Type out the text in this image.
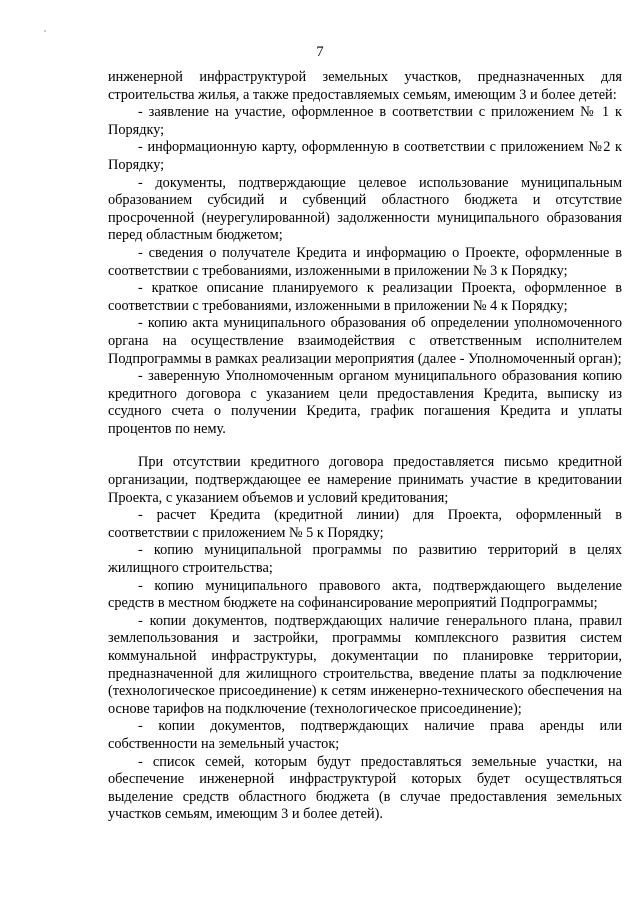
7

инженерной инфраструктурой земельных участков, предназначенных для строительства жилья, а также предоставляемых семьям, имеющим 3 и более детей:

- заявление на участие, оформленное в соответствии с приложением № 1 к Порядку;

- информационную карту, оформленную в соответствии с приложением №2 к Порядку;

- документы, подтверждающие целевое использование муниципальным образованием субсидий и субвенций областного бюджета и отсутствие просроченной (неурегулированной) задолженности муниципального образования перед областным бюджетом;

- сведения о получателе Кредита и информацию о Проекте, оформленные в соответствии с требованиями, изложенными в приложении № 3 к Порядку;

- краткое описание планируемого к реализации Проекта, оформленное в соответствии с требованиями, изложенными в приложении № 4 к Порядку;

- копию акта муниципального образования об определении уполномоченного органа на осуществление взаимодействия с ответственным исполнителем Подпрограммы в рамках реализации мероприятия (далее - Уполномоченный орган);

- заверенную Уполномоченным органом муниципального образования копию кредитного договора с указанием цели предоставления Кредита, выписку из ссудного счета о получении Кредита, график погашения Кредита и уплаты процентов по нему.

При отсутствии кредитного договора предоставляется письмо кредитной организации, подтверждающее ее намерение принимать участие в кредитовании Проекта, с указанием объемов и условий кредитования;

- расчет Кредита (кредитной линии) для Проекта, оформленный в соответствии с приложением № 5 к Порядку;

- копию муниципальной программы по развитию территорий в целях жилищного строительства;

- копию муниципального правового акта, подтверждающего выделение средств в местном бюджете на софинансирование мероприятий Подпрограммы;

- копии документов, подтверждающих наличие генерального плана, правил землепользования и застройки, программы комплексного развития систем коммунальной инфраструктуры, документации по планировке территории, предназначенной для жилищного строительства, введение платы за подключение (технологическое присоединение) к сетям инженерно-технического обеспечения на основе тарифов на подключение (технологическое присоединение);

- копии документов, подтверждающих наличие права аренды или собственности на земельный участок;

- список семей, которым будут предоставляться земельные участки, на обеспечение инженерной инфраструктурой которых будет осуществляться выделение средств областного бюджета (в случае предоставления земельных участков семьям, имеющим 3 и более детей).
